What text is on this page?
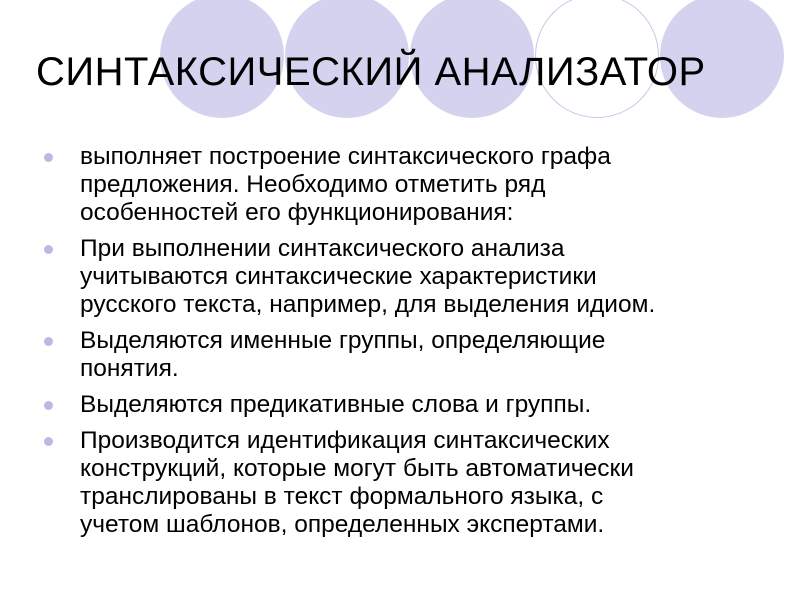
СИНТАКСИЧЕСКИЙ АНАЛИЗАТОР
выполняет построение синтаксического графа
предложения. Необходимо отметить ряд
особенностей его функционирования:
При выполнении синтаксического анализа
учитываются синтаксические характеристики
русского текста, например, для выделения идиом.
Выделяются именные группы, определяющие
понятия.
Выделяются предикативные слова и группы.
Производится идентификация синтаксических
конструкций, которые могут быть автоматически
транслированы в текст формального языка, с
учетом шаблонов, определенных экспертами.
